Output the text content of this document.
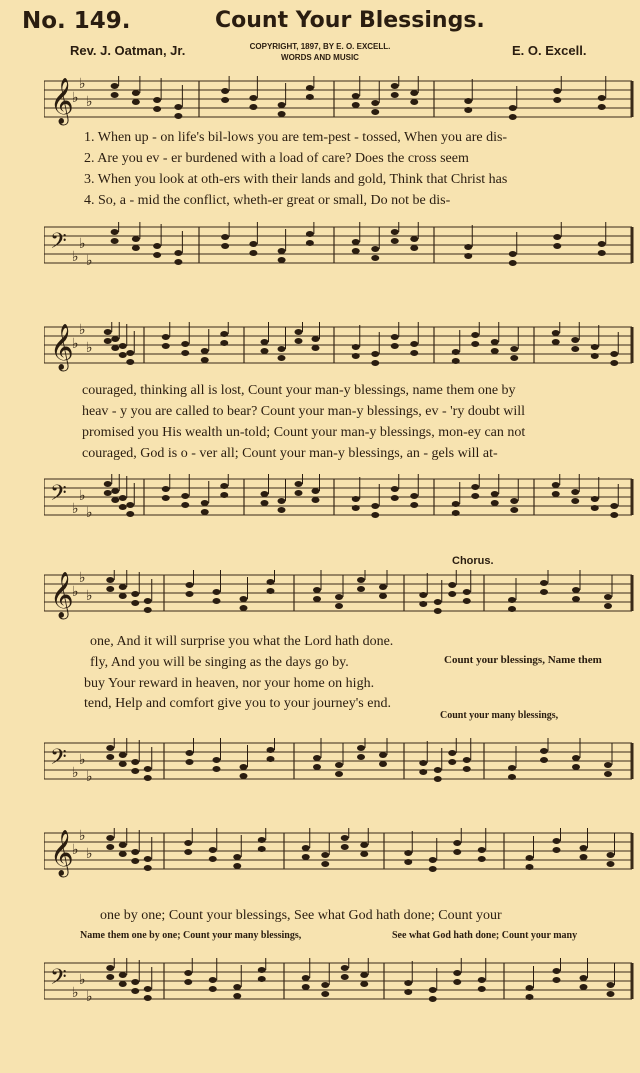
No. 149.	Count Your Blessings.
Rev. J. Oatman, Jr.	COPYRIGHT, 1897, BY E. O. EXCELL.
WORDS AND MUSIC	E. O. Excell.
𝄞
♭
♭
♭
𝄢 ♭
♭
♭
𝄞
♭
♭
♭
𝄢 ♭
♭
♭
𝄞
♭
♭
♭
𝄢 ♭
♭
♭
𝄞
♭
♭
♭
𝄢 ♭
♭
♭
1. When up - on life's bil-lows you are tem-pest - tossed, When you are dis-
2. Are you ev - er burdened with a load of care? Does the cross seem
3. When you look at oth-ers with their lands and gold, Think that Christ has
4. So, a - mid the conflict, wheth-er great or small, Do not be dis-
couraged, thinking all is lost, Count your man-y blessings, name them one by
heav - y you are called to bear? Count your man-y blessings, ev - 'ry doubt will
promised you His wealth un-told; Count your man-y blessings, mon-ey can not
couraged, God is o - ver all; Count your man-y blessings, an - gels will at-
Chorus.
one, And it will surprise you what the Lord hath done.
fly, And you will be singing as the days go by.
buy Your reward in heaven, nor your home on high.
tend, Help and comfort give you to your journey's end.
Count your blessings, Name them
Count your many blessings,
one by one; Count your blessings, See what God hath done; Count your
Name them one by one; Count your many blessings,	See what God hath done; Count your many
